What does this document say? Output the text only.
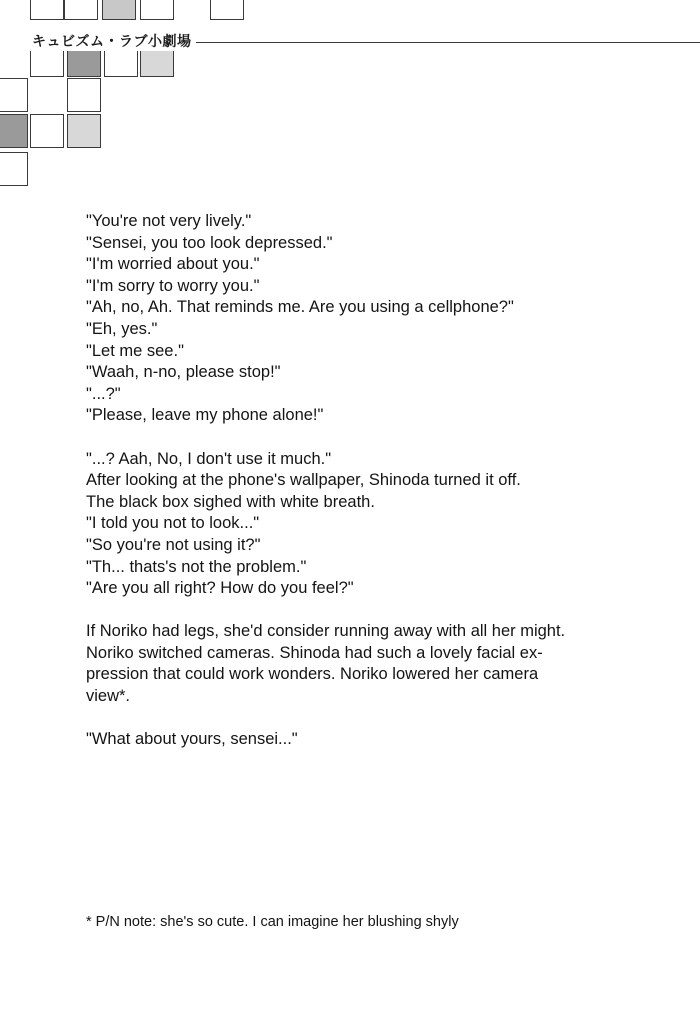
キュビズム・ラブ小劇場
"You're not very lively."
"Sensei, you too look depressed."
"I'm worried about you."
"I'm sorry to worry you."
"Ah, no, Ah. That reminds me. Are you using a cellphone?"
"Eh, yes."
"Let me see."
"Waah, n-no, please stop!"
"...?"
"Please, leave my phone alone!"
"...? Aah, No, I don't use it much."
After looking at the phone's wallpaper, Shinoda turned it off.
The black box sighed with white breath.
"I told you not to look..."
"So you're not using it?"
"Th... thats's not the problem."
"Are you all right? How do you feel?"
If Noriko had legs, she'd consider running away with all her might.
Noriko switched cameras. Shinoda had such a lovely facial ex-
pression that could work wonders. Noriko lowered her camera
view*.
"What about yours, sensei..."
* P/N note: she's so cute. I can imagine her blushing shyly
